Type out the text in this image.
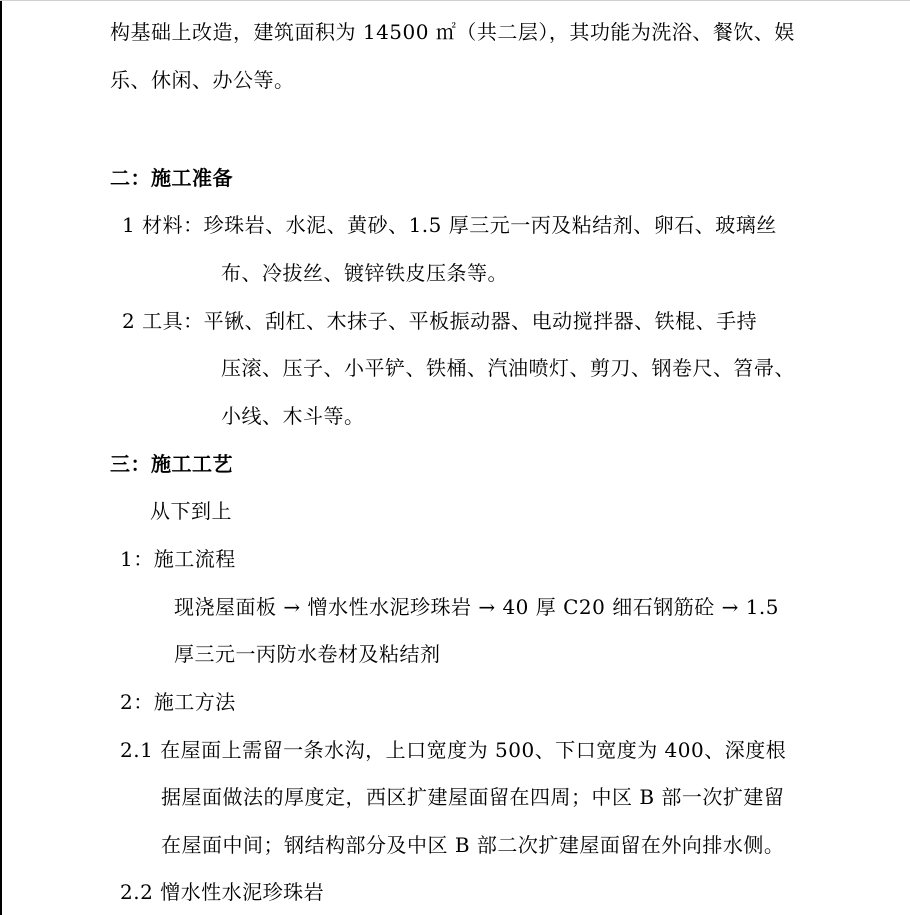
构基础上改造，建筑面积为 14500 ㎡（共二层），其功能为洗浴、餐饮、娱
乐、休闲、办公等。
二：施工准备
1 材料：珍珠岩、水泥、黄砂、1.5 厚三元一丙及粘结剂、卵石、玻璃丝
布、冷拔丝、镀锌铁皮压条等。
2 工具：平锹、刮杠、木抹子、平板振动器、电动搅拌器、铁棍、手持
压滚、压子、小平铲、铁桶、汽油喷灯、剪刀、钢卷尺、笤帚、
小线、木斗等。
三：施工工艺
从下到上
1：施工流程
现浇屋面板 → 憎水性水泥珍珠岩 → 40 厚 C20 细石钢筋砼 → 1.5
厚三元一丙防水卷材及粘结剂
2：施工方法
2.1 在屋面上需留一条水沟，上口宽度为 500、下口宽度为 400、深度根
据屋面做法的厚度定，西区扩建屋面留在四周；中区 B 部一次扩建留
在屋面中间；钢结构部分及中区 B 部二次扩建屋面留在外向排水侧。
2.2 憎水性水泥珍珠岩
